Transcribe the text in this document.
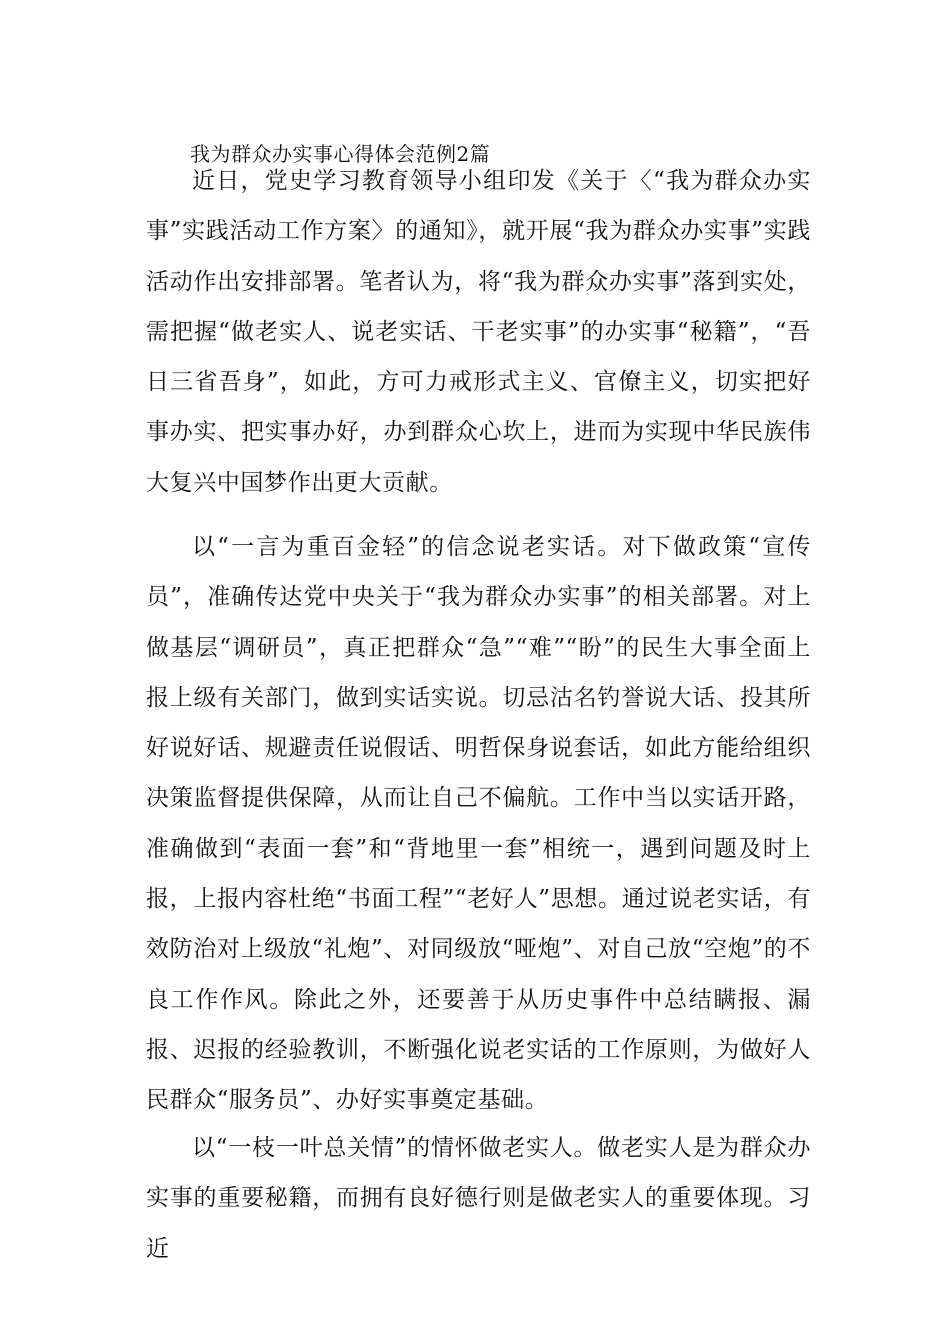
我为群众办实事心得体会范例2篇

近日，党史学习教育领导小组印发《关于〈“我为群众办实事”实践活动工作方案〉的通知》，就开展“我为群众办实事”实践活动作出安排部署。笔者认为，将“我为群众办实事”落到实处，需把握“做老实人、说老实话、干老实事”的办实事“秘籍”，“吾日三省吾身”，如此，方可力戒形式主义、官僚主义，切实把好事办实、把实事办好，办到群众心坎上，进而为实现中华民族伟大复兴中国梦作出更大贡献。

以“一言为重百金轻”的信念说老实话。对下做政策“宣传员”，准确传达党中央关于“我为群众办实事”的相关部署。对上做基层“调研员”，真正把群众“急”“难”“盼”的民生大事全面上报上级有关部门，做到实话实说。切忌沽名钓誉说大话、投其所好说好话、规避责任说假话、明哲保身说套话，如此方能给组织决策监督提供保障，从而让自己不偏航。工作中当以实话开路，准确做到“表面一套”和“背地里一套”相统一，遇到问题及时上报，上报内容杜绝“书面工程”“老好人”思想。通过说老实话，有效防治对上级放“礼炮”、对同级放“哑炮”、对自己放“空炮”的不良工作作风。除此之外，还要善于从历史事件中总结瞒报、漏报、迟报的经验教训，不断强化说老实话的工作原则，为做好人民群众“服务员”、办好实事奠定基础。

以“一枝一叶总关情”的情怀做老实人。做老实人是为群众办实事的重要秘籍，而拥有良好德行则是做老实人的重要体现。习近
